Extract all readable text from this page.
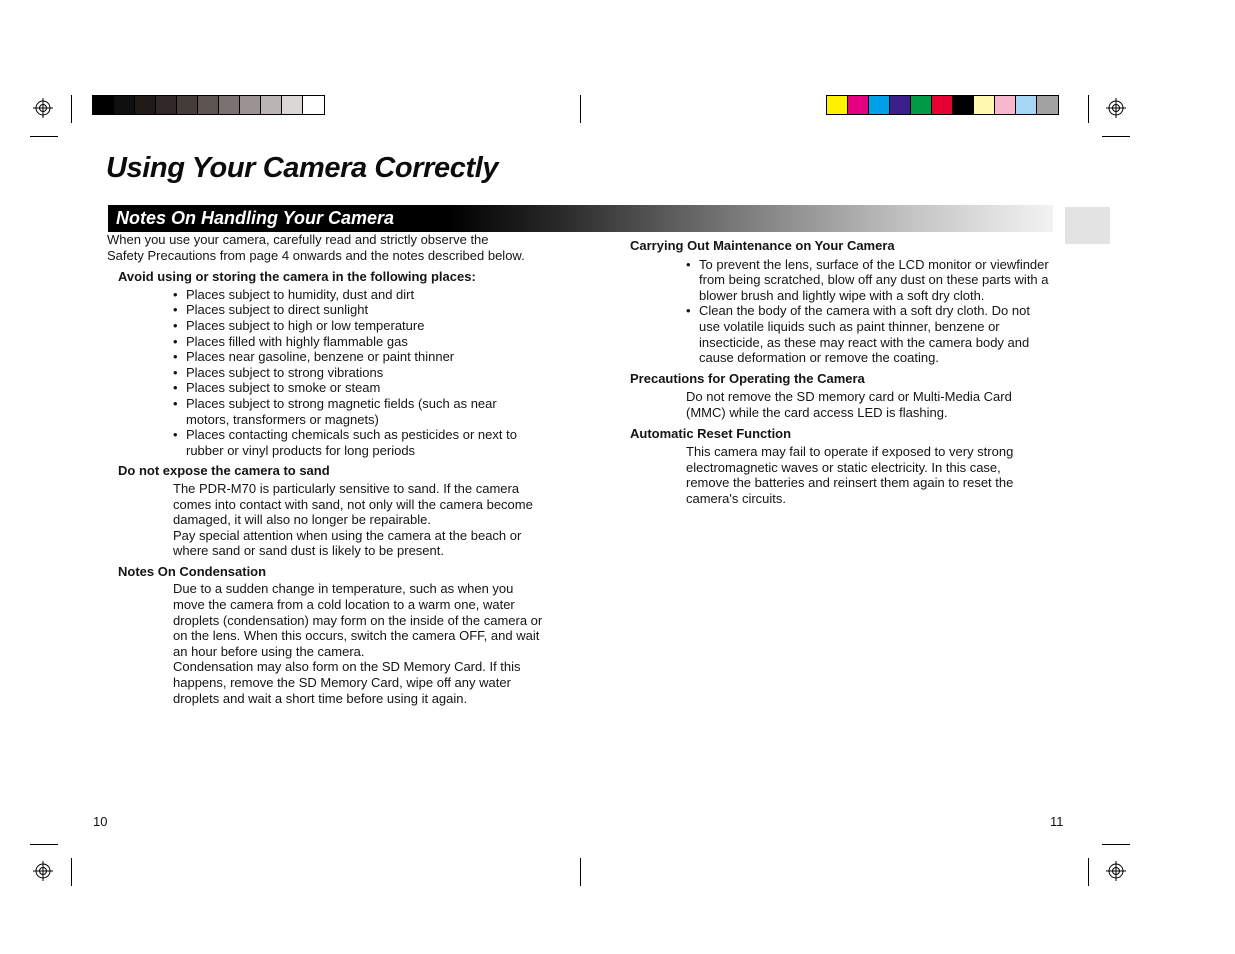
Using Your Camera Correctly
Notes On Handling Your Camera

When you use your camera, carefully read and strictly observe the Safety Precautions from page 4 onwards and the notes described below.

Avoid using or storing the camera in the following places:

• Places subject to humidity, dust and dirt
• Places subject to direct sunlight
• Places subject to high or low temperature
• Places filled with highly flammable gas
• Places near gasoline, benzene or paint thinner
• Places subject to strong vibrations
• Places subject to smoke or steam
• Places subject to strong magnetic fields (such as near motors, transformers or magnets)
• Places contacting chemicals such as pesticides or next to rubber or vinyl products for long periods

Do not expose the camera to sand

The PDR-M70 is particularly sensitive to sand. If the camera comes into contact with sand, not only will the camera become damaged, it will also no longer be repairable.

Pay special attention when using the camera at the beach or where sand or sand dust is likely to be present.

Notes On Condensation

Due to a sudden change in temperature, such as when you move the camera from a cold location to a warm one, water droplets (condensation) may form on the inside of the camera or on the lens. When this occurs, switch the camera OFF, and wait an hour before using the camera.

Condensation may also form on the SD Memory Card. If this happens, remove the SD Memory Card, wipe off any water droplets and wait a short time before using it again.

Carrying Out Maintenance on Your Camera

• To prevent the lens, surface of the LCD monitor or viewfinder from being scratched, blow off any dust on these parts with a blower brush and lightly wipe with a soft dry cloth.
• Clean the body of the camera with a soft dry cloth. Do not use volatile liquids such as paint thinner, benzene or insecticide, as these may react with the camera body and cause deformation or remove the coating.

Precautions for Operating the Camera

Do not remove the SD memory card or Multi-Media Card (MMC) while the card access LED is flashing.

Automatic Reset Function

This camera may fail to operate if exposed to very strong electromagnetic waves or static electricity. In this case, remove the batteries and reinsert them again to reset the camera's circuits.

10	11
